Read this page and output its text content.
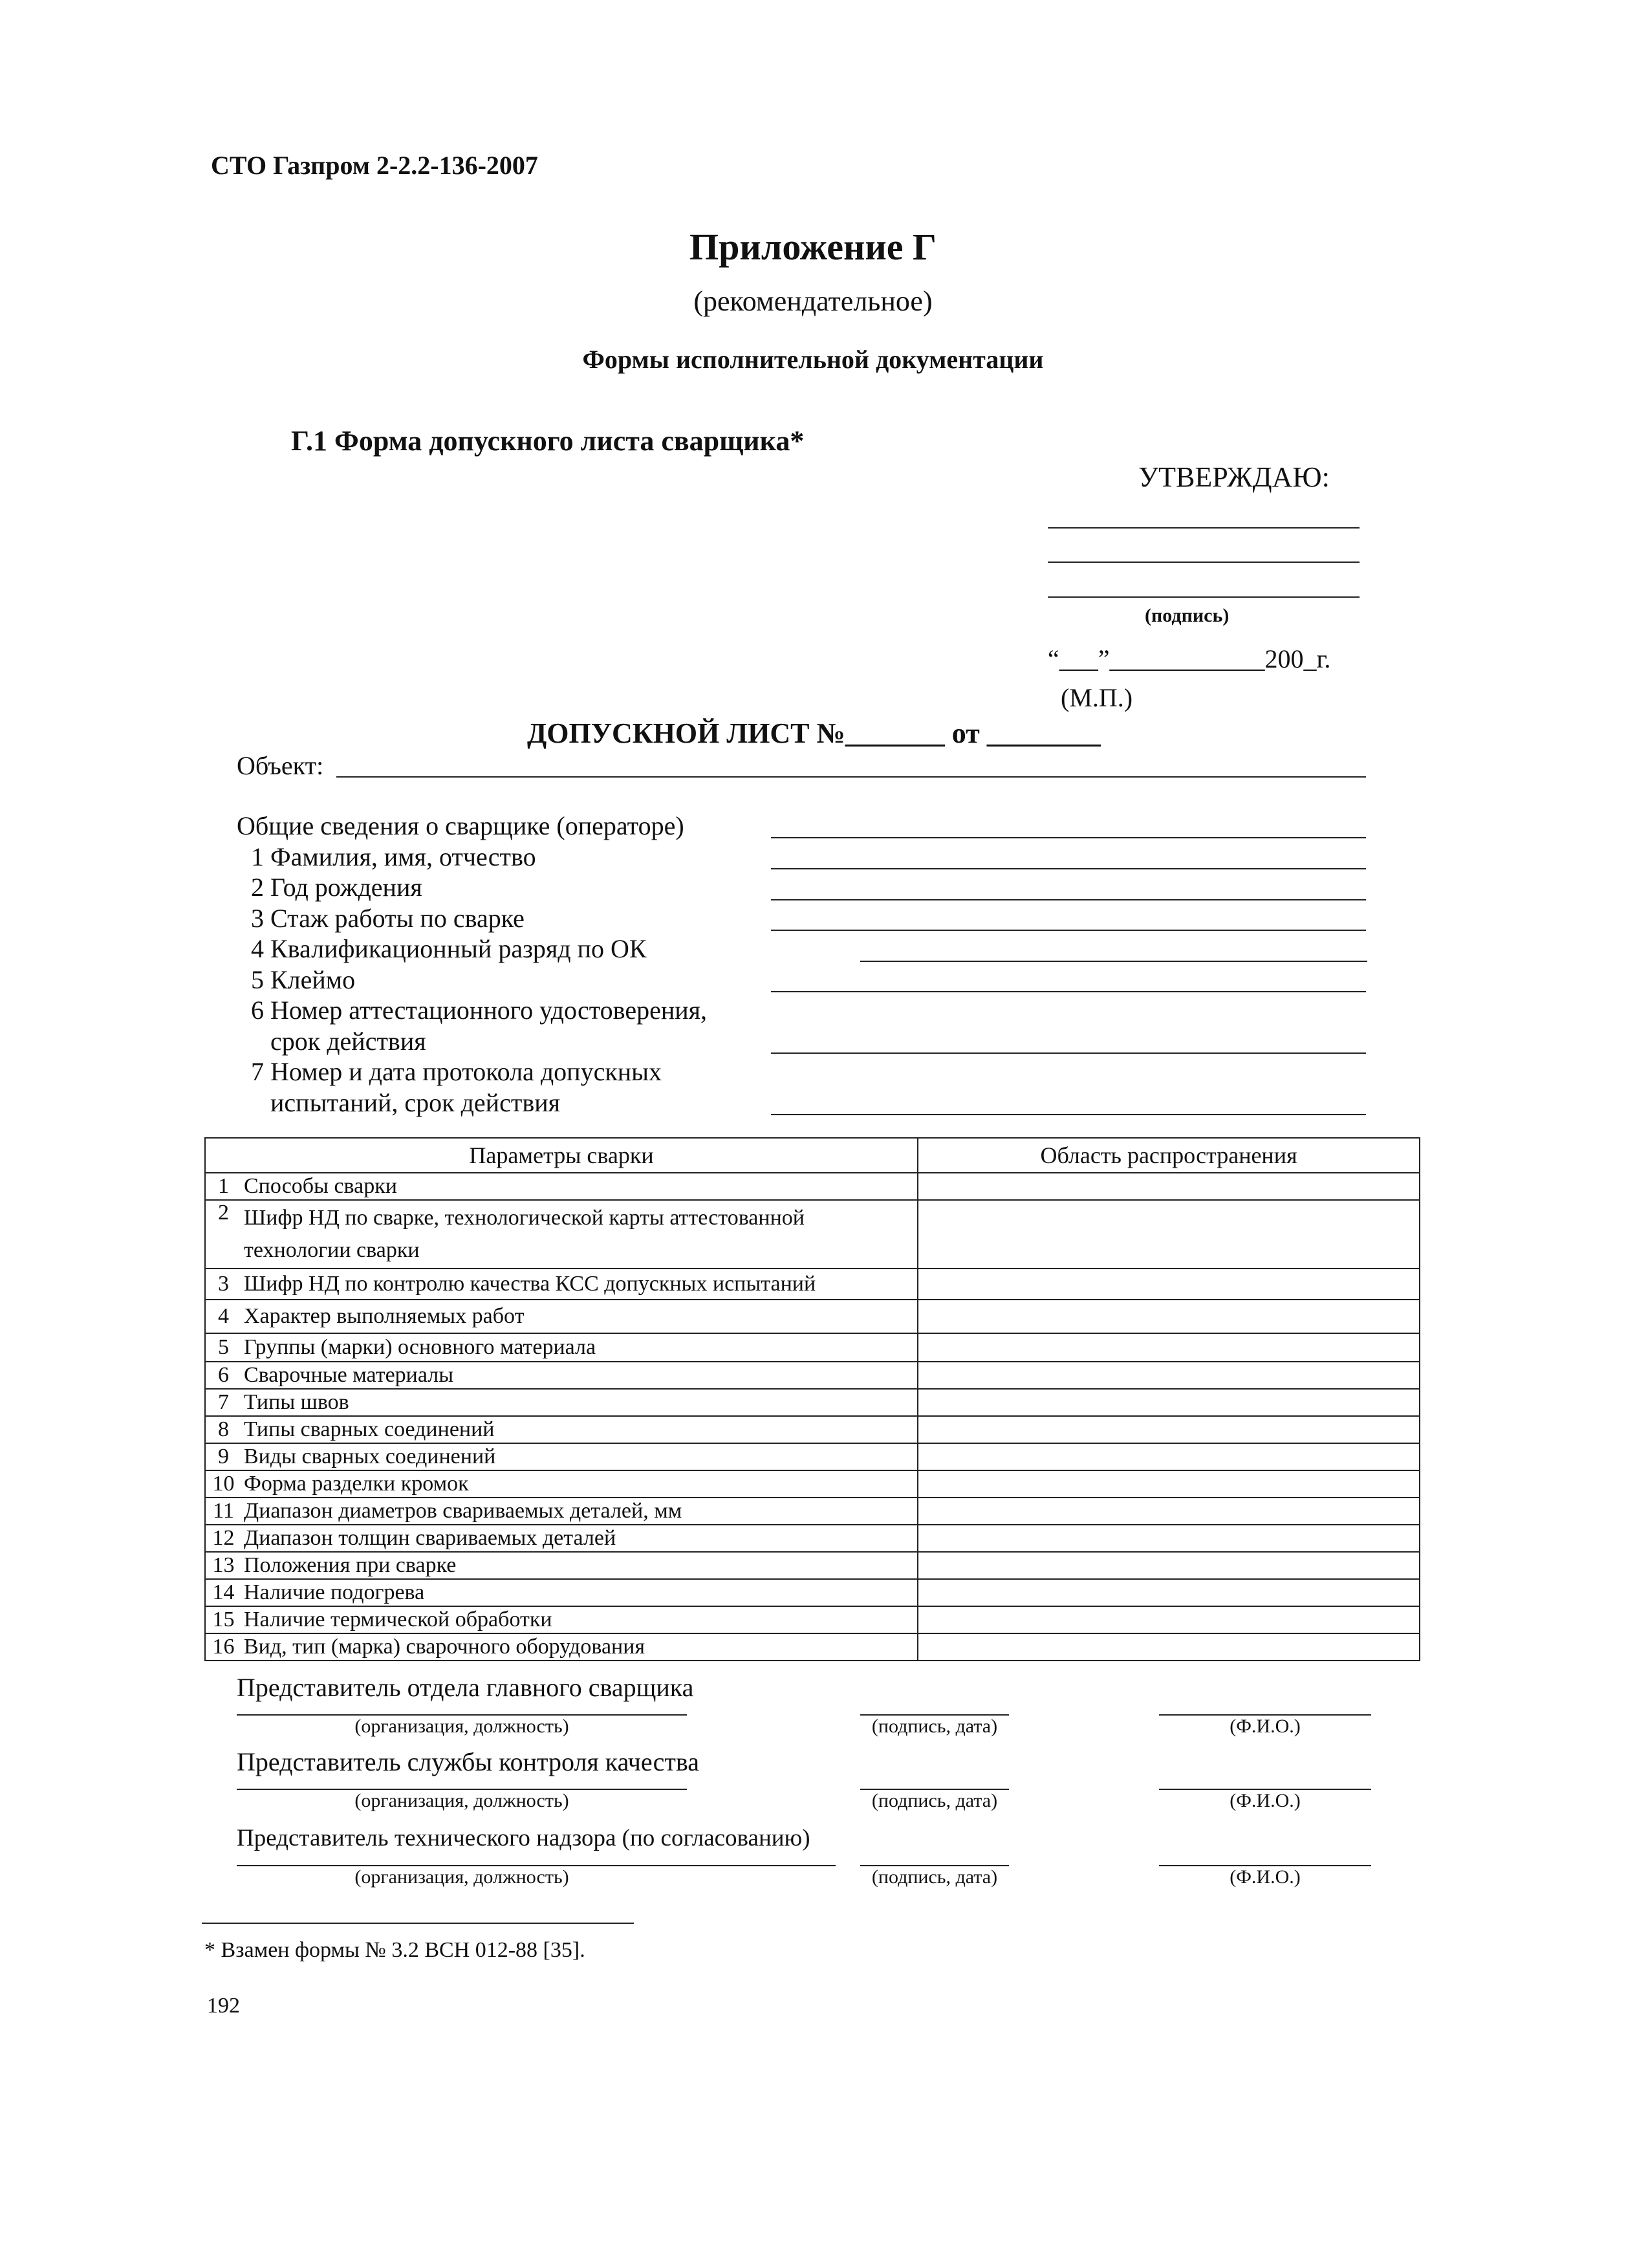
СТО Газпром 2-2.2-136-2007
Приложение Г
(рекомендательное)
Формы исполнительной документации
Г.1 Форма допускного листа сварщика*
УТВЕРЖДАЮ:
(подпись)
“___”____________200_г.
(М.П.)
ДОПУСКНОЙ ЛИСТ №_______ от ________
Объект:
Общие сведения о сварщике (операторе)
1 Фамилия, имя, отчество
2 Год рождения
3 Стаж работы по сварке
4 Квалификационный разряд по ОК
5 Клеймо
6 Номер аттестационного удостоверения,
срок действия
7 Номер и дата протокола допускных
испытаний, срок действия
Параметры сварки		Область распространения
1	Способы сварки	
2	Шифр НД по сварке, технологической карты аттестованной технологии сварки	
3	Шифр НД по контролю качества КСС допускных испытаний	
4	Характер выполняемых работ	
5	Группы (марки) основного материала	
6	Сварочные материалы	
7	Типы швов	
8	Типы сварных соединений	
9	Виды сварных соединений	
10	Форма разделки кромок	
11	Диапазон диаметров свариваемых деталей, мм	
12	Диапазон толщин свариваемых деталей	
13	Положения при сварке	
14	Наличие подогрева	
15	Наличие термической обработки	
16	Вид, тип (марка) сварочного оборудования	
Представитель отдела главного сварщика
(организация, должность)	(подпись, дата)	(Ф.И.О.)
Представитель службы контроля качества
(организация, должность)	(подпись, дата)	(Ф.И.О.)
Представитель технического надзора (по согласованию)
(организация, должность)	(подпись, дата)	(Ф.И.О.)
* Взамен формы № 3.2 ВСН 012-88 [35].
192
